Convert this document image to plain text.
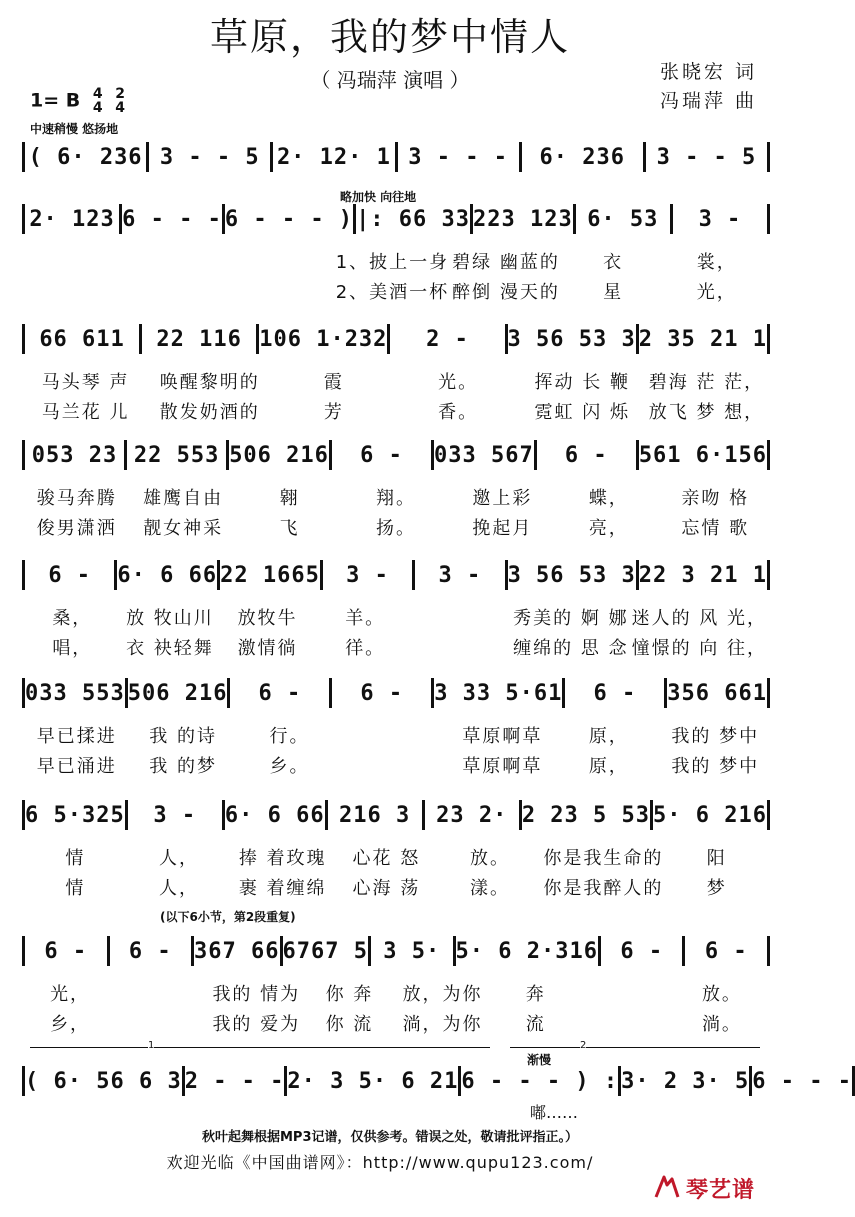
草原，我的梦中情人
（ 冯瑞萍 演唱 ）	张晓宏 词
冯瑞萍 曲
1= B 4
4 2
4
中速稍慢 悠扬地
略加快 向往地
( 6· 236 3 - - 5 2· 12· 1 3 - - -	6· 236	3 - - 5
2· 123 6 - - - 6 - - - ) |: 66 33 223 123 6· 53	3 -
1、披上一身 碧绿 幽蓝的	衣	裳，
2、美酒一杯 醉倒 漫天的	星	光，
66 611	22 116 106 1·232	2 -	3 56 53 3 2 35 21 1
马头琴 声	唤醒黎明的	霞	光。	挥动 长 鞭	碧海 茫 茫，
马兰花 儿	散发奶酒的	芳	香。	霓虹 闪 烁	放飞 梦 想，
053 23 22 553 506 216	6 -	033 567	6 -	561 6·156
骏马奔腾	雄鹰自由	翱	翔。	邀上彩	蝶，	亲吻 格
俊男潇洒	靓女神采	飞	扬。	挽起月	亮，	忘情 歌
6 -	6· 6 66 22 1665	3 -	3 -	3 56 53 3 22 3 21 1
桑，	放 牧山川	放牧牛	羊。	秀美的 婀 娜 迷人的 风 光，
唱，	衣 袂轻舞	激情徜	徉。	缠绵的 思 念 憧憬的 向 往，
033 553 506 216	6 -	6 -	3 33 5·61	6 -	356 661
早已揉进	我 的诗	行。	草原啊草	原，	我的 梦中
早已涌进	我 的梦	乡。	草原啊草	原，	我的 梦中
6 5·325	3 -	6· 6 66 216 3	23 2· 2 23 5 53 5· 6 216
情	人，	捧 着玫瑰	心花 怒	放。	你是我生命的	阳
情	人，	裹 着缠绵	心海 荡	漾。	你是我醉人的	梦
6 -	6 -	367 66 6767 5 3 5· 5· 6 2·316	6 -	6 -
光，	我的 情为	你 奔	放，为你	奔	放。
乡，	我的 爱为	你 流	淌，为你	流	淌。
( 6· 56 6 3 2 - - - 2· 3 5· 6 21 6 - - - ) : 3· 2 3· 5 6 - - -
(以下6小节，第2段重复)
1	2
渐慢
嘟……
秋叶起舞根据MP3记谱，仅供参考。错误之处，敬请批评指正。）
欢迎光临《中国曲谱网》：http://www.qupu123.com/
琴艺谱
